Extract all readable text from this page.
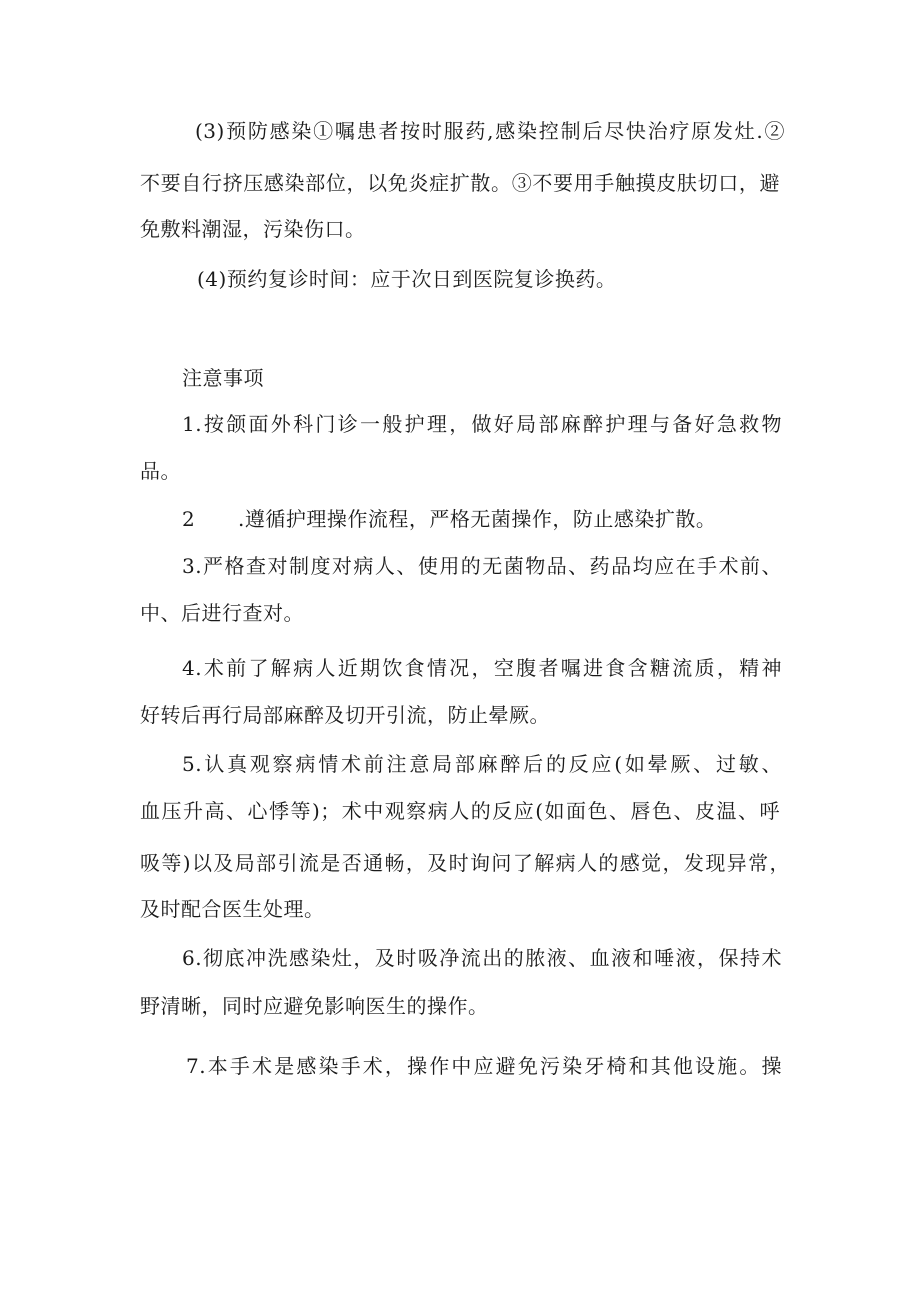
(3)预防感染①嘱患者按时服药,感染控制后尽快治疗原发灶.②
不要自行挤压感染部位，以免炎症扩散。③不要用手触摸皮肤切口，避
免敷料潮湿，污染伤口。
(4)预约复诊时间：应于次日到医院复诊换药。
注意事项
1.按颌面外科门诊一般护理，做好局部麻醉护理与备好急救物
品。
2 .遵循护理操作流程，严格无菌操作，防止感染扩散。
3.严格查对制度对病人、使用的无菌物品、药品均应在手术前、
中、后进行查对。
4.术前了解病人近期饮食情况，空腹者嘱进食含糖流质，精神
好转后再行局部麻醉及切开引流，防止晕厥。
5.认真观察病情术前注意局部麻醉后的反应(如晕厥、过敏、
血压升高、心悸等)；术中观察病人的反应(如面色、唇色、皮温、呼
吸等)以及局部引流是否通畅，及时询问了解病人的感觉，发现异常，
及时配合医生处理。
6.彻底冲洗感染灶，及时吸净流出的脓液、血液和唾液，保持术
野清晰，同时应避免影响医生的操作。
7.本手术是感染手术，操作中应避免污染牙椅和其他设施。操
